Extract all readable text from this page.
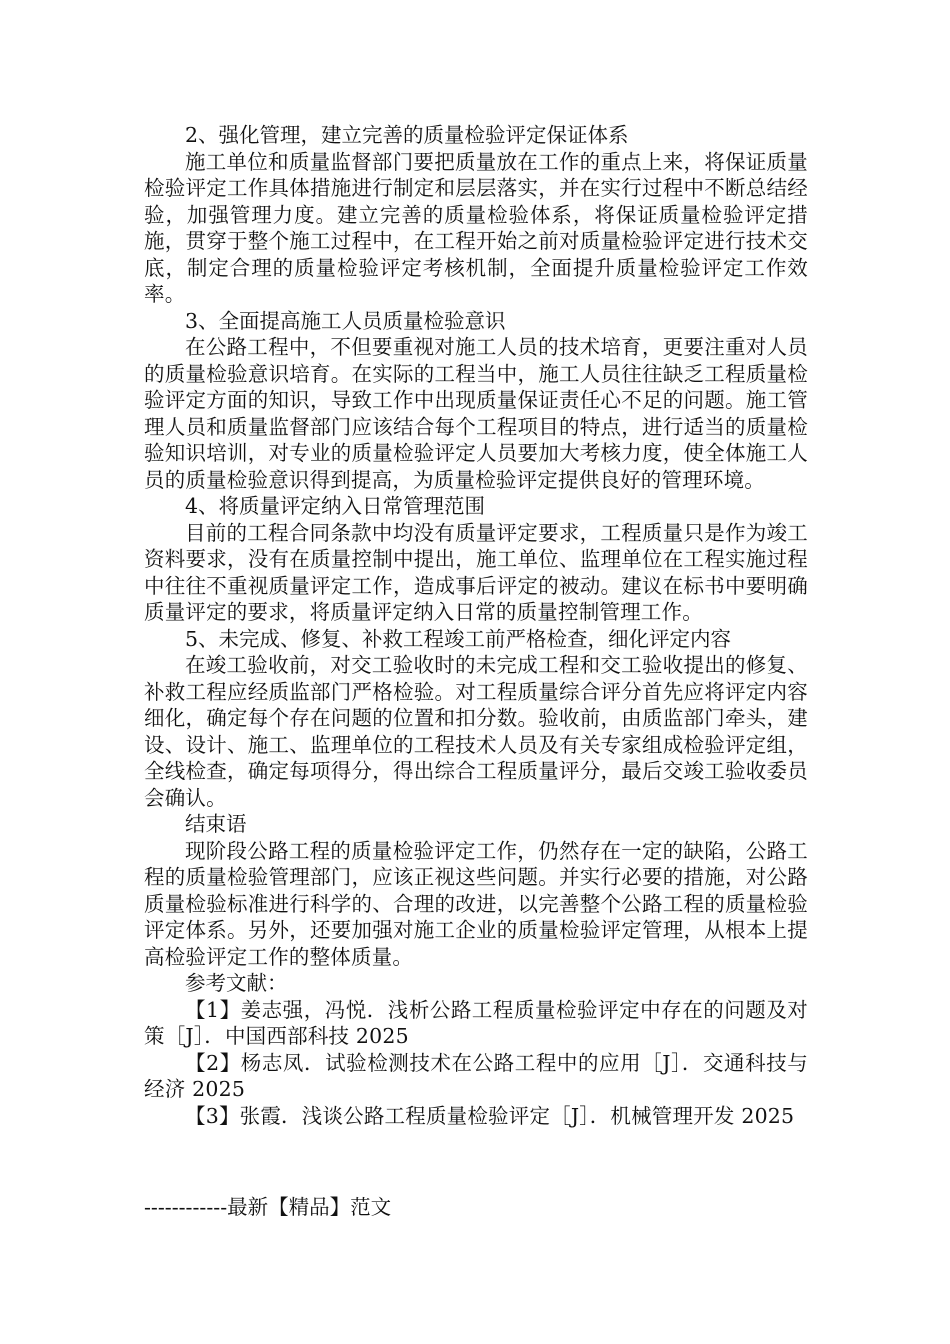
2、强化管理，建立完善的质量检验评定保证体系

施工单位和质量监督部门要把质量放在工作的重点上来，将保证质量检验评定工作具体措施进行制定和层层落实，并在实行过程中不断总结经验，加强管理力度。建立完善的质量检验体系，将保证质量检验评定措施，贯穿于整个施工过程中，在工程开始之前对质量检验评定进行技术交底，制定合理的质量检验评定考核机制，全面提升质量检验评定工作效率。

3、全面提高施工人员质量检验意识

在公路工程中，不但要重视对施工人员的技术培育，更要注重对人员的质量检验意识培育。在实际的工程当中，施工人员往往缺乏工程质量检验评定方面的知识，导致工作中出现质量保证责任心不足的问题。施工管理人员和质量监督部门应该结合每个工程项目的特点，进行适当的质量检验知识培训，对专业的质量检验评定人员要加大考核力度，使全体施工人员的质量检验意识得到提高，为质量检验评定提供良好的管理环境。

4、将质量评定纳入日常管理范围

目前的工程合同条款中均没有质量评定要求，工程质量只是作为竣工资料要求，没有在质量控制中提出，施工单位、监理单位在工程实施过程中往往不重视质量评定工作，造成事后评定的被动。建议在标书中要明确质量评定的要求，将质量评定纳入日常的质量控制管理工作。

5、未完成、修复、补救工程竣工前严格检查，细化评定内容

在竣工验收前，对交工验收时的未完成工程和交工验收提出的修复、补救工程应经质监部门严格检验。对工程质量综合评分首先应将评定内容细化，确定每个存在问题的位置和扣分数。验收前，由质监部门牵头，建设、设计、施工、监理单位的工程技术人员及有关专家组成检验评定组，全线检查，确定每项得分，得出综合工程质量评分，最后交竣工验收委员会确认。

结束语

现阶段公路工程的质量检验评定工作，仍然存在一定的缺陷，公路工程的质量检验管理部门，应该正视这些问题。并实行必要的措施，对公路质量检验标准进行科学的、合理的改进，以完善整个公路工程的质量检验评定体系。另外，还要加强对施工企业的质量检验评定管理，从根本上提高检验评定工作的整体质量。

参考文献：

【1】姜志强，冯悦．浅析公路工程质量检验评定中存在的问题及对策［J］．中国西部科技 2025

【2】杨志凤．试验检测技术在公路工程中的应用［J］．交通科技与经济 2025

【3】张霞．浅谈公路工程质量检验评定［J］．机械管理开发 2025

------------最新【精品】范文
